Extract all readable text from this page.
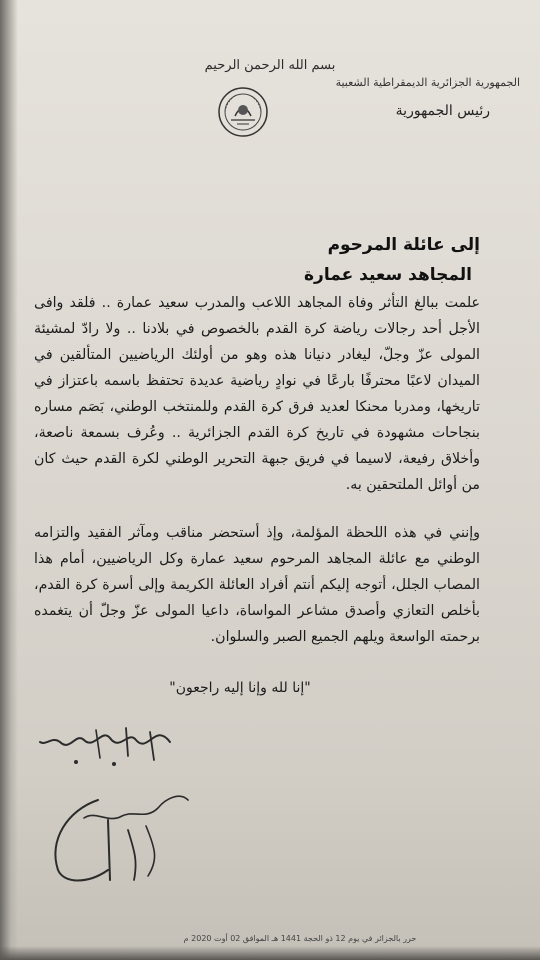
بسم الله الرحمن الرحيم
الجمهورية الجزائرية الديمقراطية الشعبية
رئيس الجمهورية
إلى عائلة المرحوم
المجاهد سعيد عمارة

علمت ببالغ التأثر وفاة المجاهد اللاعب والمدرب سعيد عمارة .. فلقد وافى الأجل أحد رجالات رياضة كرة القدم بالخصوص في بلادنا .. ولا رادّ لمشيئة المولى عزّ وجلّ، ليغادر دنيانا هذه وهو من أولئك الرياضيين المتألقين في الميدان لاعبًا محترفًا بارعًا في نوادٍ رياضية عديدة تحتفظ باسمه باعتزاز في تاريخها، ومدربا محنكا لعديد فرق كرة القدم وللمنتخب الوطني، بَصَم مساره بنجاحات مشهودة في تاريخ كرة القدم الجزائرية .. وعُرف بسمعة ناصعة، وأخلاق رفيعة، لاسيما في فريق جبهة التحرير الوطني لكرة القدم حيث كان من أوائل الملتحقين به.

وإنني في هذه اللحظة المؤلمة، وإذ أستحضر مناقب ومآثر الفقيد والتزامه الوطني مع عائلة المجاهد المرحوم سعيد عمارة وكل الرياضيين، أمام هذا المصاب الجلل، أتوجه إليكم أنتم أفراد العائلة الكريمة وإلى أسرة كرة القدم، بأخلص التعازي وأصدق مشاعر المواساة، داعيا المولى عزّ وجلّ أن يتغمده برحمته الواسعة ويلهم الجميع الصبر والسلوان.

"إنا لله وإنا إليه راجعون"
حرر بالجزائر في يوم 12 ذو الحجة 1441 هـ الموافق 02 أوت 2020 م
